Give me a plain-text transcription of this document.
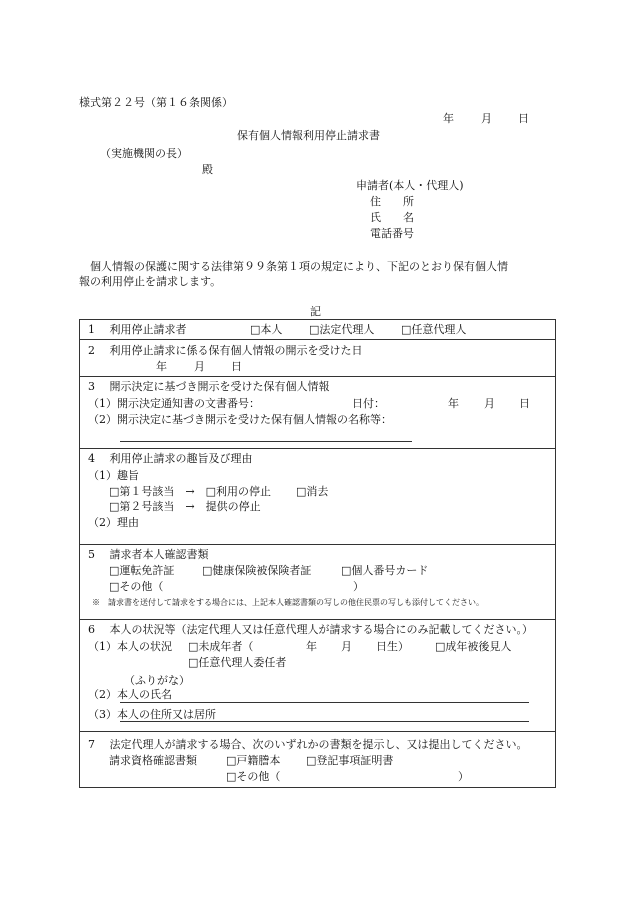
様式第２２号（第１６条関係）
年 月 日
保有個人情報利用停止請求書
（実施機関の長）
殿
申請者(本人・代理人)
住　　所
氏　　名
電話番号
　個人情報の保護に関する法律第９９条第１項の規定により、下記のとおり保有個人情
報の利用停止を請求します。
記
1　 利用停止請求者	□本人 □法定代理人 □任意代理人
2　 利用停止請求に係る保有個人情報の開示を受けた日
年 月 日
3　 開示決定に基づき開示を受けた保有個人情報
（1）開示決定通知書の文書番号：	日付：	年 月 日
（2）開示決定に基づき開示を受けた保有個人情報の名称等：
4　 利用停止請求の趣旨及び理由
（1）趣旨
□第１号該当　→　□利用の停止 □消去
□第２号該当　→　提供の停止
（2）理由
5　 請求者本人確認書類
□運転免許証	□健康保険被保険者証	□個人番号カード
□その他（	）
※　請求書を送付して請求をする場合には、上記本人確認書類の写しの他住民票の写しも添付してください。
6　 本人の状況等（法定代理人又は任意代理人が請求する場合にのみ記載してください。）
（1）本人の状況 □未成年者（	年 月 日生） □成年被後見人
□任意代理人委任者
（ふりがな）
（2）本人の氏名
（3）本人の住所又は居所
7　 法定代理人が請求する場合、次のいずれかの書類を提示し、又は提出してください。
請求資格確認書類	□戸籍謄本 □登記事項証明書
□その他（	）
